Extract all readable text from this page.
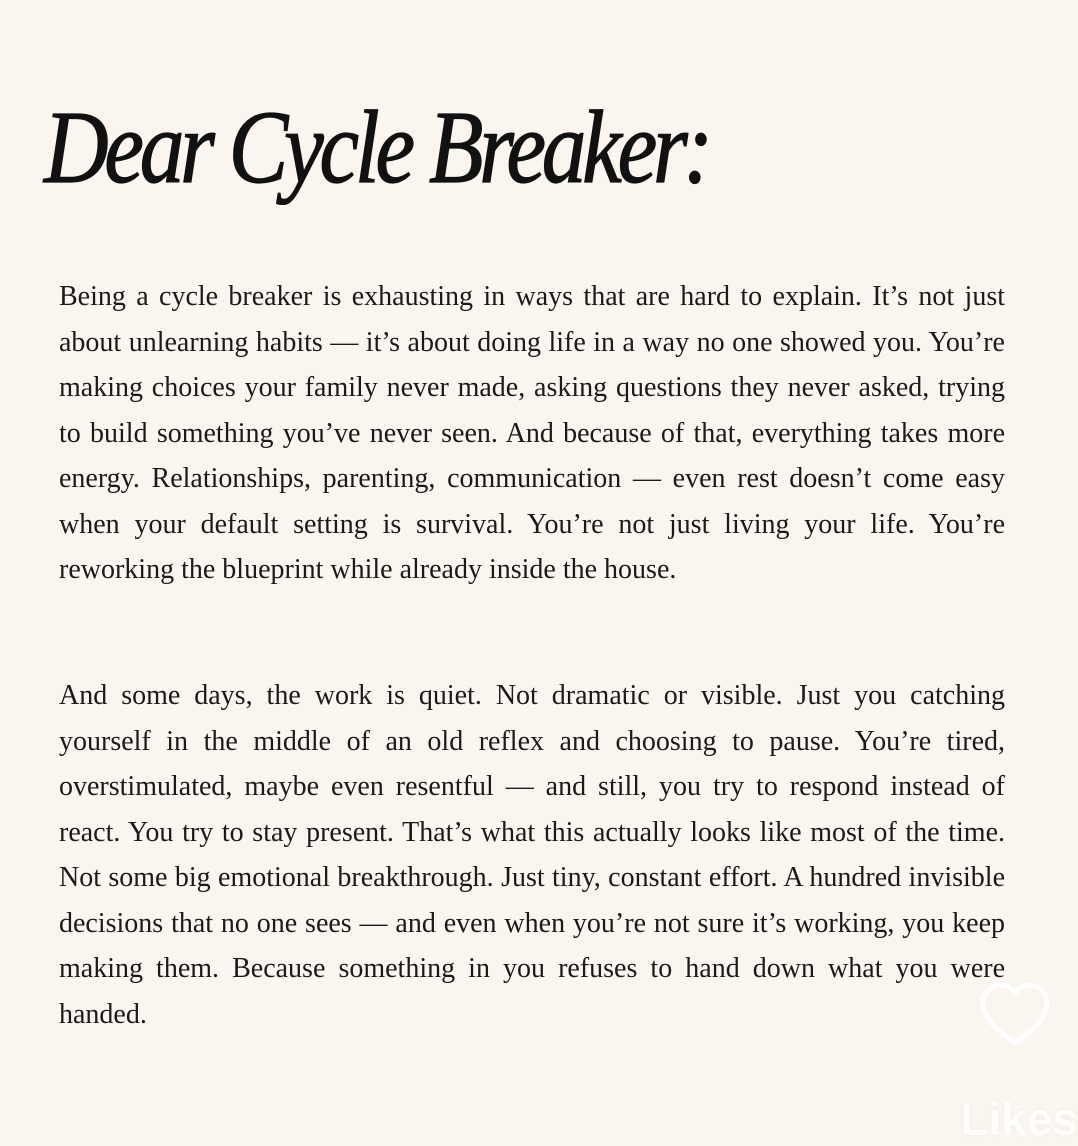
Dear Cycle Breaker:

Being a cycle breaker is exhausting in ways that are hard to explain. It’s not just about unlearning habits — it’s about doing life in a way no one showed you. You’re making choices your family never made, asking questions they never asked, trying to build something you’ve never seen. And because of that, everything takes more energy. Relationships, parenting, communication — even rest doesn’t come easy when your default setting is survival. You’re not just living your life. You’re reworking the blueprint while already inside the house.

And some days, the work is quiet. Not dramatic or visible. Just you catching yourself in the middle of an old reflex and choosing to pause. You’re tired, overstimulated, maybe even resentful — and still, you try to respond instead of react. You try to stay present. That’s what this actually looks like most of the time. Not some big emotional breakthrough. Just tiny, constant effort. A hundred invisible decisions that no one sees — and even when you’re not sure it’s working, you keep making them. Because something in you refuses to hand down what you were handed.

Likes
